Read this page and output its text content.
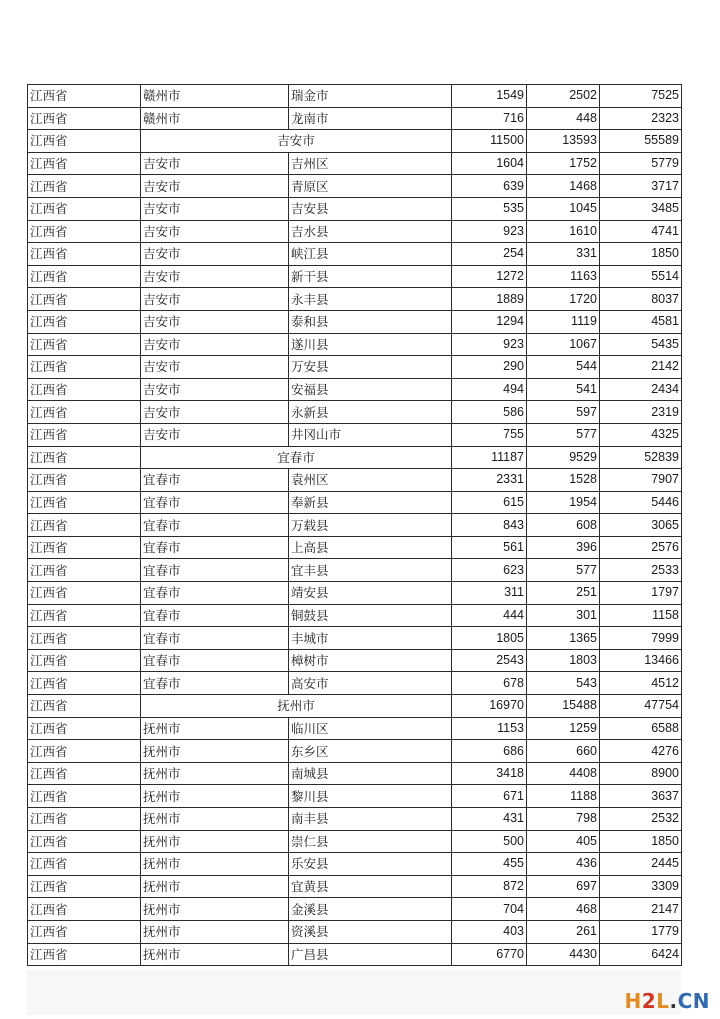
江西省	赣州市	瑞金市	1549	2502	7525
江西省	赣州市	龙南市	716	448	2323
江西省	吉安市		11500	13593	55589
江西省	吉安市	吉州区	1604	1752	5779
江西省	吉安市	青原区	639	1468	3717
江西省	吉安市	吉安县	535	1045	3485
江西省	吉安市	吉水县	923	1610	4741
江西省	吉安市	峡江县	254	331	1850
江西省	吉安市	新干县	1272	1163	5514
江西省	吉安市	永丰县	1889	1720	8037
江西省	吉安市	泰和县	1294	1119	4581
江西省	吉安市	遂川县	923	1067	5435
江西省	吉安市	万安县	290	544	2142
江西省	吉安市	安福县	494	541	2434
江西省	吉安市	永新县	586	597	2319
江西省	吉安市	井冈山市	755	577	4325
江西省	宜春市		11187	9529	52839
江西省	宜春市	袁州区	2331	1528	7907
江西省	宜春市	奉新县	615	1954	5446
江西省	宜春市	万载县	843	608	3065
江西省	宜春市	上高县	561	396	2576
江西省	宜春市	宜丰县	623	577	2533
江西省	宜春市	靖安县	311	251	1797
江西省	宜春市	铜鼓县	444	301	1158
江西省	宜春市	丰城市	1805	1365	7999
江西省	宜春市	樟树市	2543	1803	13466
江西省	宜春市	高安市	678	543	4512
江西省	抚州市		16970	15488	47754
江西省	抚州市	临川区	1153	1259	6588
江西省	抚州市	东乡区	686	660	4276
江西省	抚州市	南城县	3418	4408	8900
江西省	抚州市	黎川县	671	1188	3637
江西省	抚州市	南丰县	431	798	2532
江西省	抚州市	崇仁县	500	405	1850
江西省	抚州市	乐安县	455	436	2445
江西省	抚州市	宜黄县	872	697	3309
江西省	抚州市	金溪县	704	468	2147
江西省	抚州市	资溪县	403	261	1779
江西省	抚州市	广昌县	6770	4430	6424
H2L.CN
